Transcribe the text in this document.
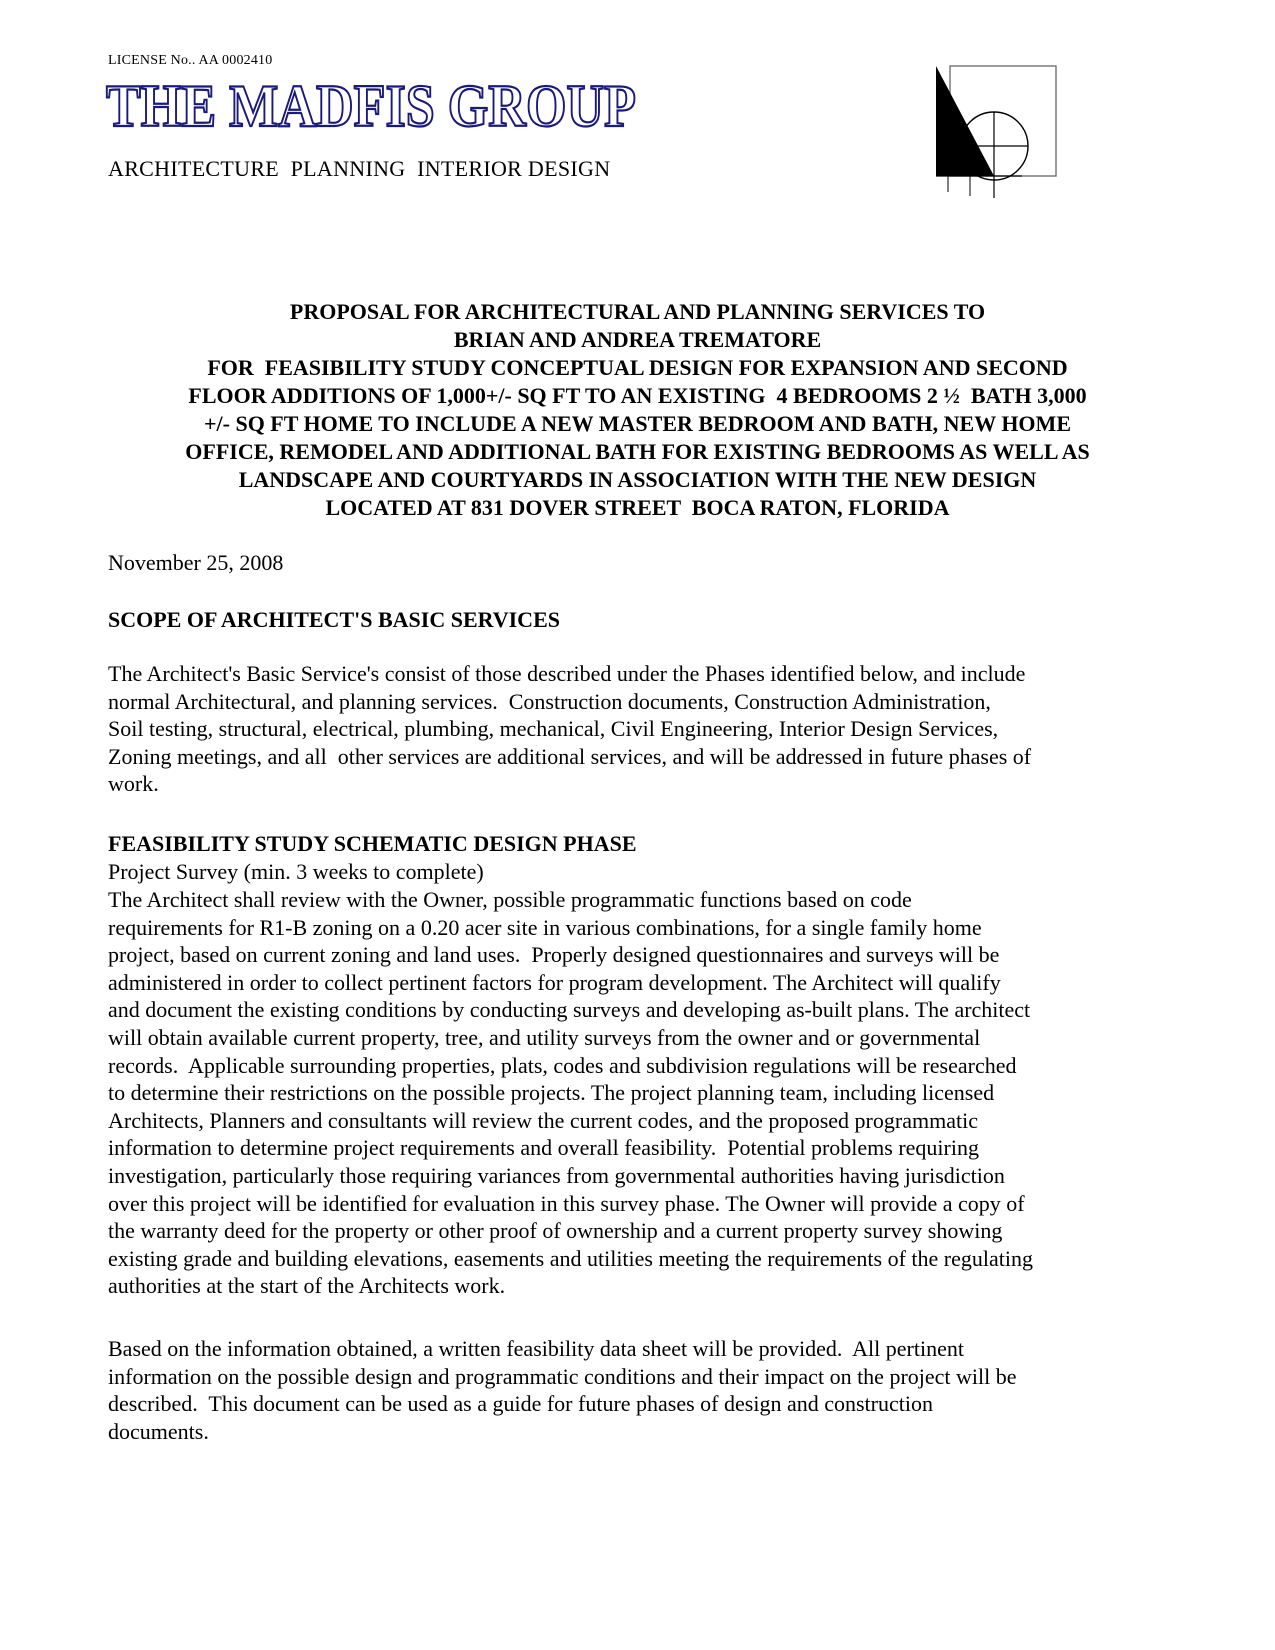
LICENSE No.. AA 0002410
THE MADFIS GROUP
ARCHITECTURE  PLANNING  INTERIOR DESIGN
PROPOSAL FOR ARCHITECTURAL AND PLANNING SERVICES TO
BRIAN AND ANDREA TREMATORE
FOR  FEASIBILITY STUDY CONCEPTUAL DESIGN FOR EXPANSION AND SECOND
FLOOR ADDITIONS OF 1,000+/- SQ FT TO AN EXISTING  4 BEDROOMS 2 ½  BATH 3,000
+/- SQ FT HOME TO INCLUDE A NEW MASTER BEDROOM AND BATH, NEW HOME
OFFICE, REMODEL AND ADDITIONAL BATH FOR EXISTING BEDROOMS AS WELL AS
LANDSCAPE AND COURTYARDS IN ASSOCIATION WITH THE NEW DESIGN
LOCATED AT 831 DOVER STREET  BOCA RATON, FLORIDA
November 25, 2008
SCOPE OF ARCHITECT'S BASIC SERVICES
The Architect's Basic Service's consist of those described under the Phases identified below, and include
normal Architectural, and planning services.  Construction documents, Construction Administration,
Soil testing, structural, electrical, plumbing, mechanical, Civil Engineering, Interior Design Services,
Zoning meetings, and all  other services are additional services, and will be addressed in future phases of
work.
FEASIBILITY STUDY SCHEMATIC DESIGN PHASE
Project Survey (min. 3 weeks to complete)
The Architect shall review with the Owner, possible programmatic functions based on code
requirements for R1-B zoning on a 0.20 acer site in various combinations, for a single family home
project, based on current zoning and land uses.  Properly designed questionnaires and surveys will be
administered in order to collect pertinent factors for program development. The Architect will qualify
and document the existing conditions by conducting surveys and developing as-built plans. The architect
will obtain available current property, tree, and utility surveys from the owner and or governmental
records.  Applicable surrounding properties, plats, codes and subdivision regulations will be researched
to determine their restrictions on the possible projects. The project planning team, including licensed
Architects, Planners and consultants will review the current codes, and the proposed programmatic
information to determine project requirements and overall feasibility.  Potential problems requiring
investigation, particularly those requiring variances from governmental authorities having jurisdiction
over this project will be identified for evaluation in this survey phase. The Owner will provide a copy of
the warranty deed for the property or other proof of ownership and a current property survey showing
existing grade and building elevations, easements and utilities meeting the requirements of the regulating
authorities at the start of the Architects work.
Based on the information obtained, a written feasibility data sheet will be provided.  All pertinent
information on the possible design and programmatic conditions and their impact on the project will be
described.  This document can be used as a guide for future phases of design and construction
documents.
